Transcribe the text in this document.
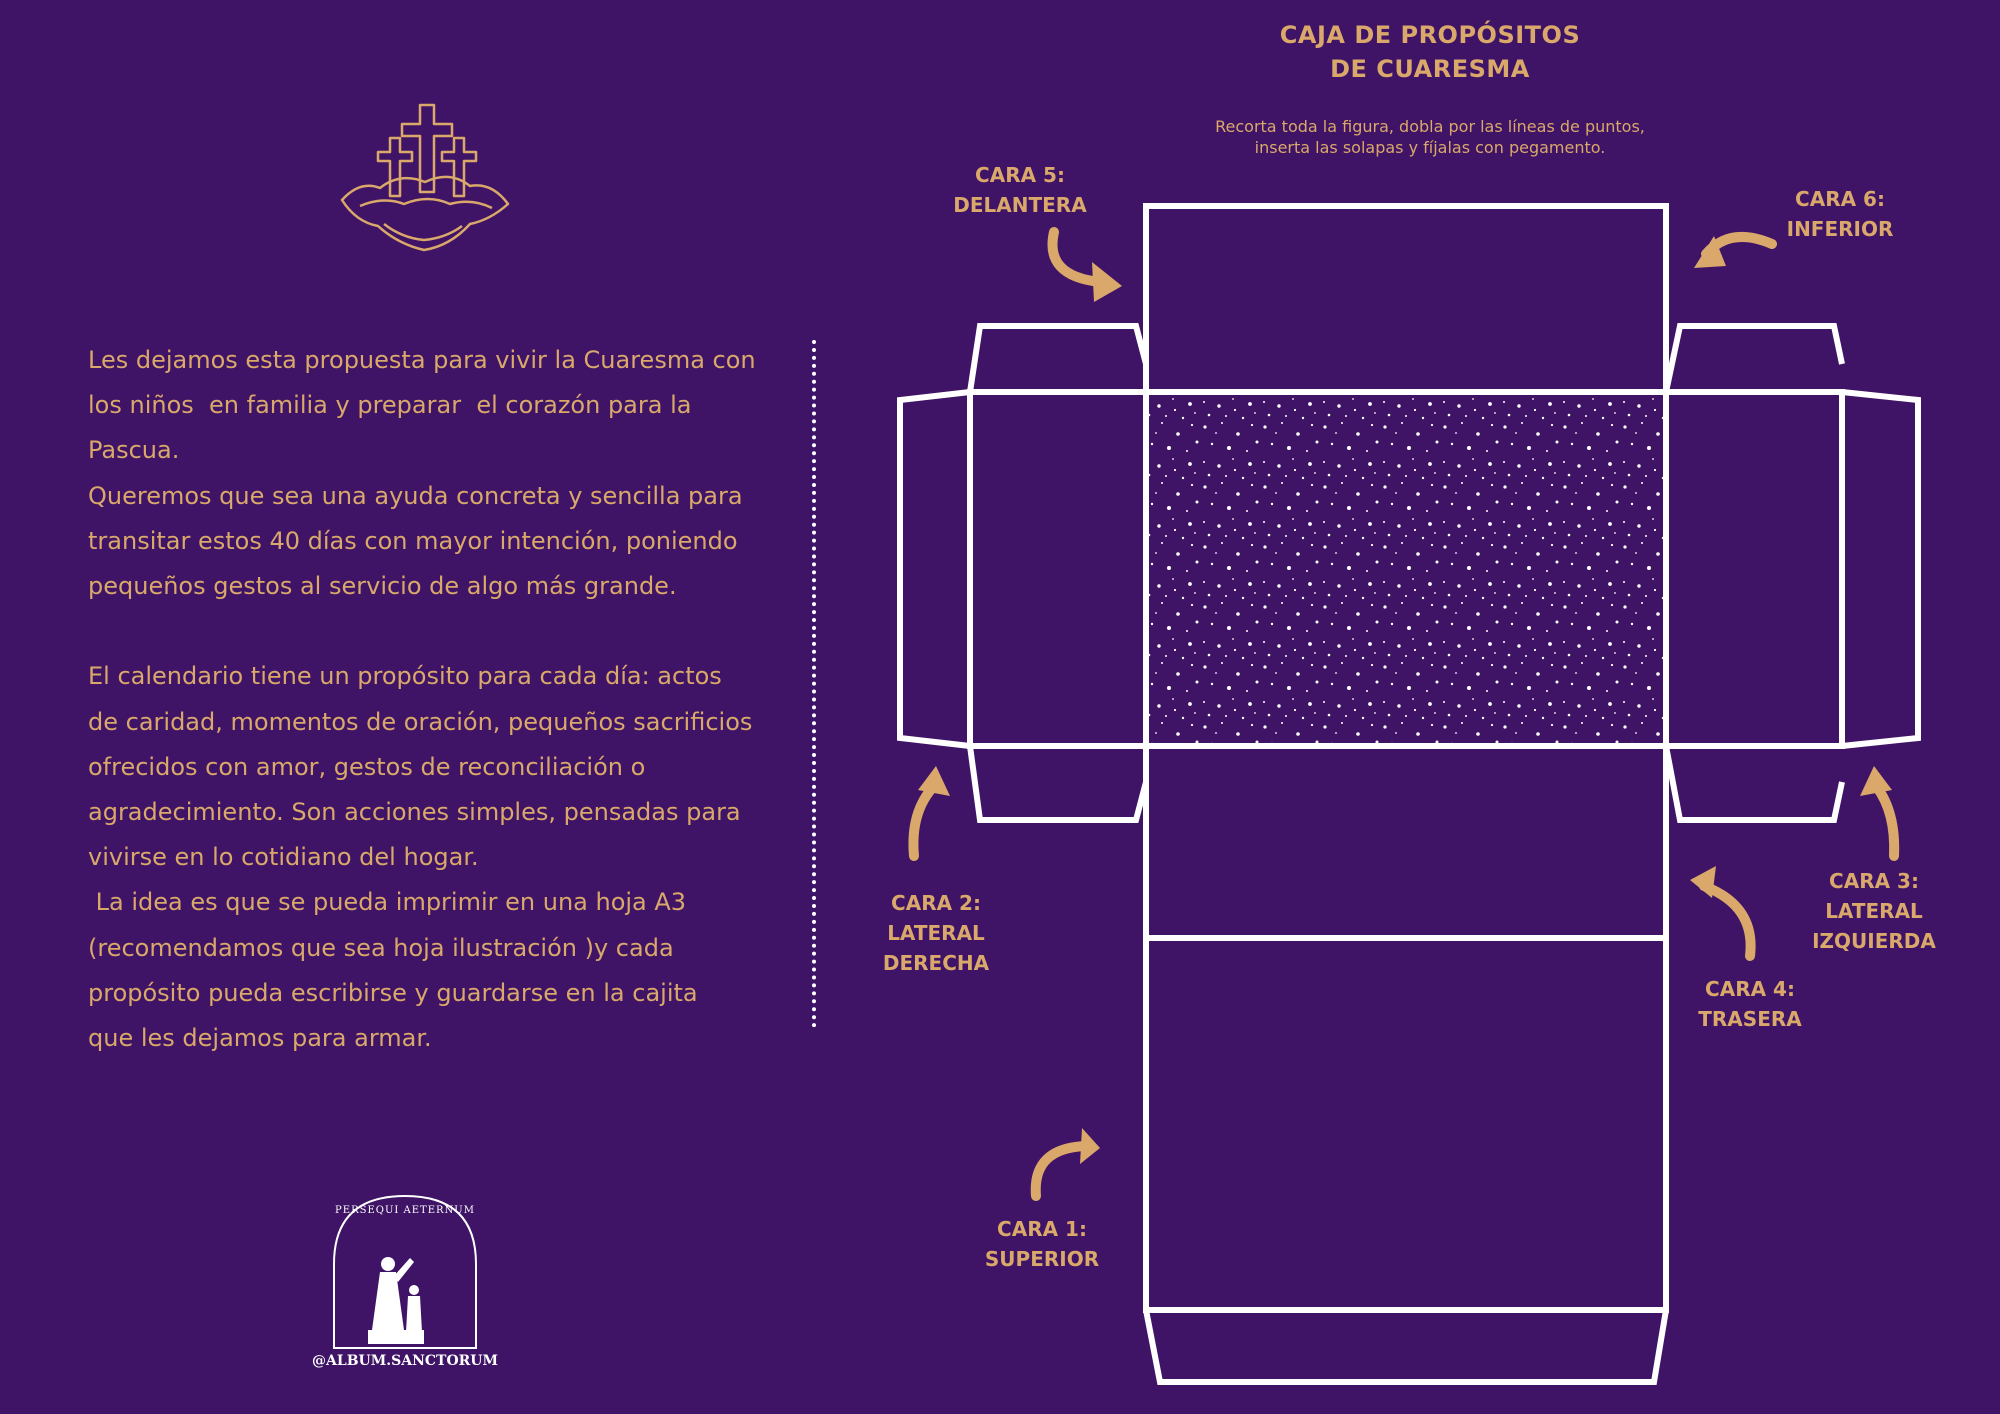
CAJA DE PROPÓSITOS
DE CUARESMA
Recorta toda la figura, dobla por las líneas de puntos,
inserta las solapas y fíjalas con pegamento.
Les dejamos esta propuesta para vivir la Cuaresma con
los niños  en familia y preparar  el corazón para la
Pascua.
Queremos que sea una ayuda concreta y sencilla para
transitar estos 40 días con mayor intención, poniendo
pequeños gestos al servicio de algo más grande.

El calendario tiene un propósito para cada día: actos
de caridad, momentos de oración, pequeños sacrificios
ofrecidos con amor, gestos de reconciliación o
agradecimiento. Son acciones simples, pensadas para
vivirse en lo cotidiano del hogar.
La idea es que se pueda imprimir en una hoja A3
(recomendamos que sea hoja ilustración )y cada
propósito pueda escribirse y guardarse en la cajita
que les dejamos para armar.
CARA 5:
DELANTERA	CARA 6:
INFERIOR
CARA 2:
LATERAL
DERECHA
CARA 3:
LATERAL
IZQUIERDA
CARA 4:
TRASERA
CARA 1:
SUPERIOR
PERSEQUI AETERNUM
@ALBUM.SANCTORUM
